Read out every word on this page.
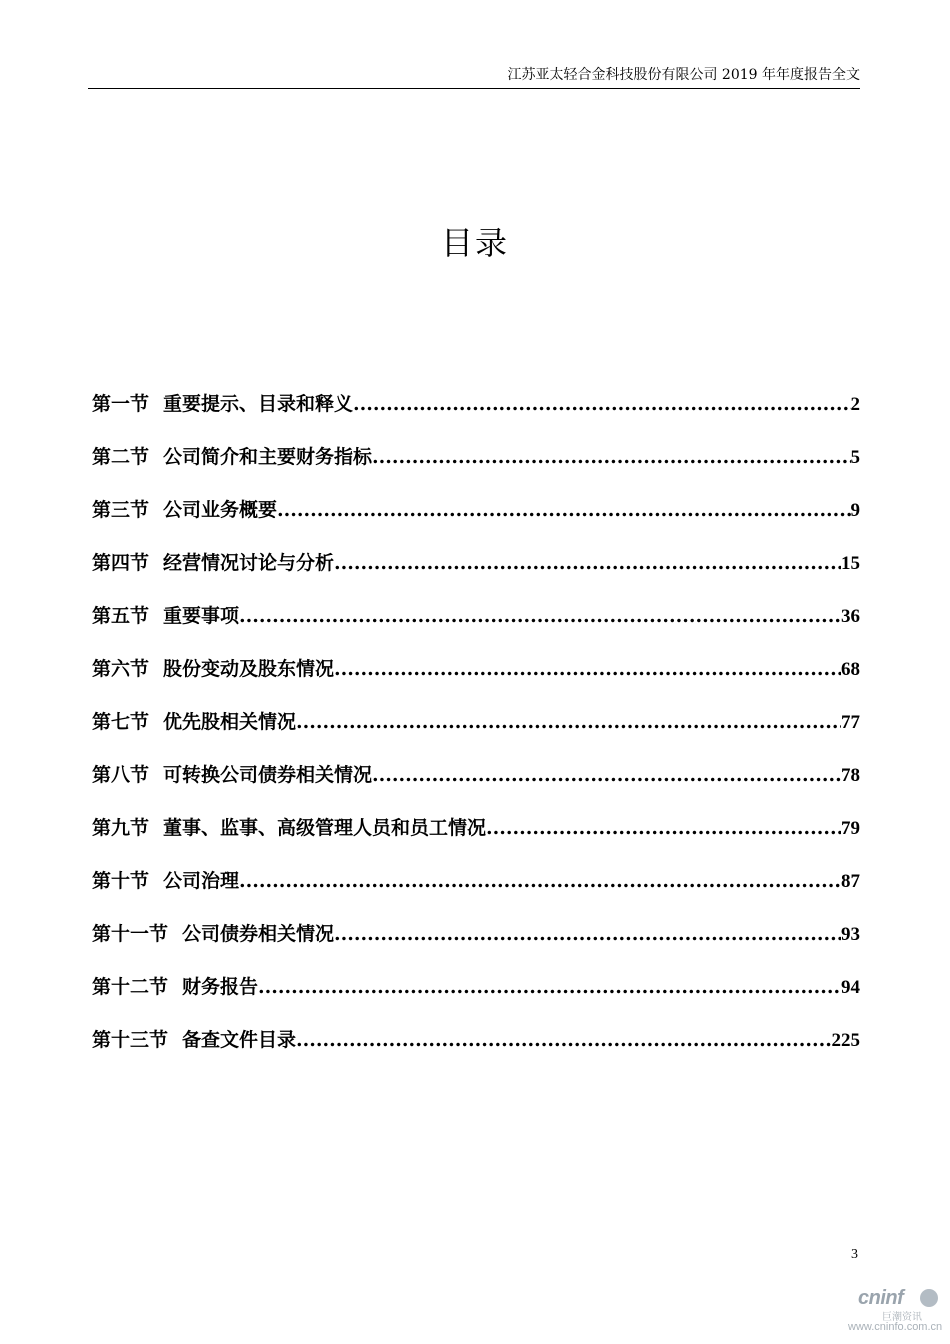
江苏亚太轻合金科技股份有限公司 2019 年年度报告全文
目录
第一节 重要提示、目录和释义 .....	2
第二节 公司简介和主要财务指标 .....	5
第三节 公司业务概要 .....	9
第四节 经营情况讨论与分析 .....	15
第五节 重要事项 .....	36
第六节 股份变动及股东情况 .....	68
第七节 优先股相关情况 .....	77
第八节 可转换公司债券相关情况 .....	78
第九节 董事、监事、高级管理人员和员工情况 .....	79
第十节 公司治理 .....	87
第十一节 公司债券相关情况 .....	93
第十二节 财务报告 .....	94
第十三节 备查文件目录 .....	225
3
cninf
巨潮资讯
www.cninfo.com.cn
